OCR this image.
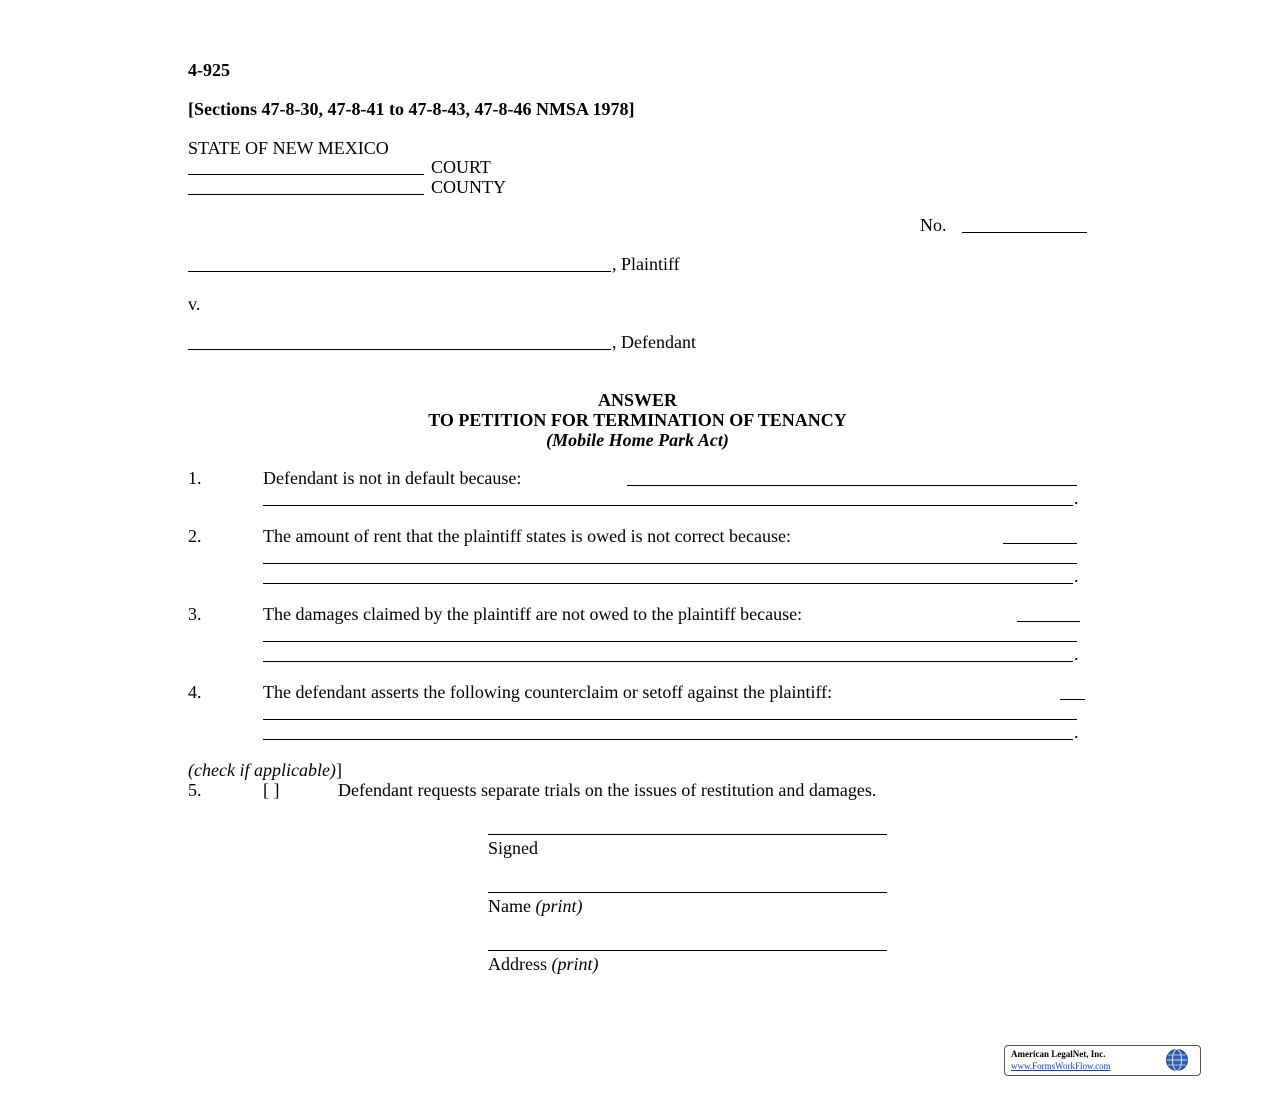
4-925
[Sections 47-8-30, 47-8-41 to 47-8-43, 47-8-46 NMSA 1978]
STATE OF NEW MEXICO
COURT
COUNTY
No.
, Plaintiff
v.
, Defendant
ANSWER
TO PETITION FOR TERMINATION OF TENANCY
(Mobile Home Park Act)
1.	Defendant is not in default because:
.
2.	The amount of rent that the plaintiff states is owed is not correct because:
.
3.	The damages claimed by the plaintiff are not owed to the plaintiff because:
.
4.	The defendant asserts the following counterclaim or setoff against the plaintiff:
.
(check if applicable)]
5.	[ ]	Defendant requests separate trials on the issues of restitution and damages.
Signed
Name (print)
Address (print)
American LegalNet, Inc.
www.FormsWorkFlow.com
